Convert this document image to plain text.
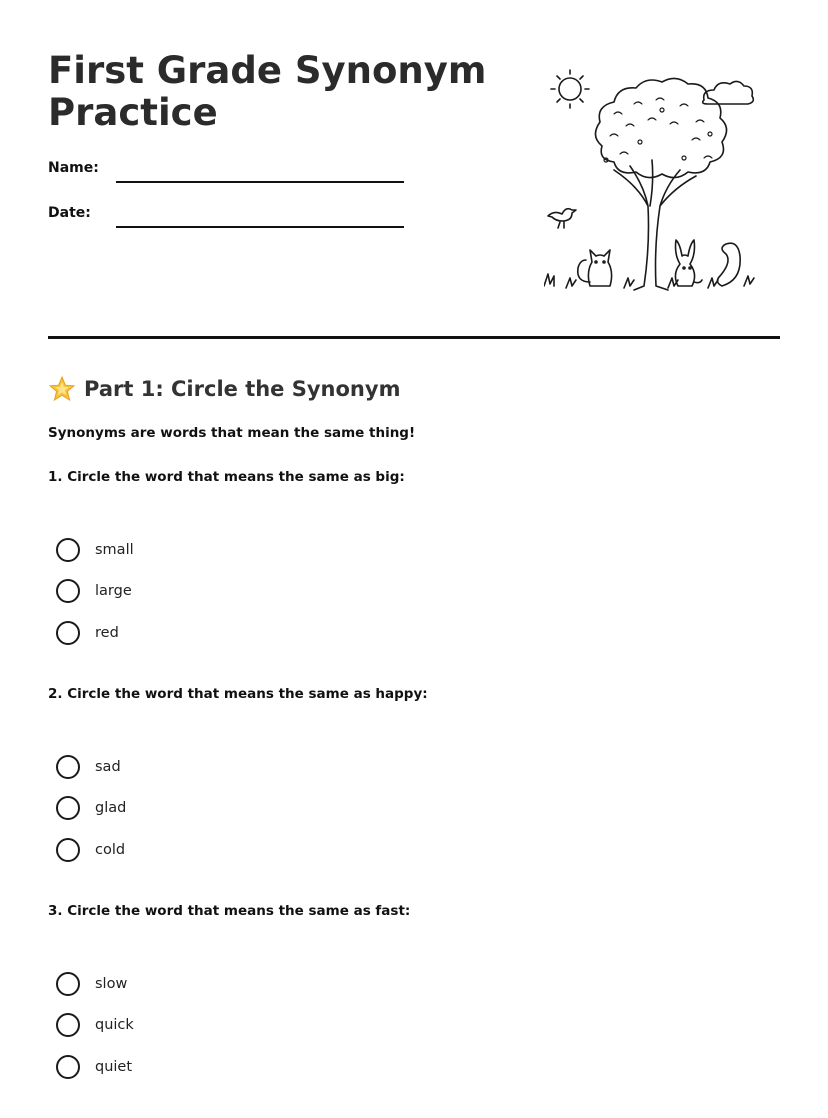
First Grade Synonym Practice
Name:
Date:
Part 1: Circle the Synonym

Synonyms are words that mean the same thing!

1. Circle the word that means the same as big:

small
large
red

2. Circle the word that means the same as happy:

sad
glad
cold

3. Circle the word that means the same as fast:

slow
quick
quiet
